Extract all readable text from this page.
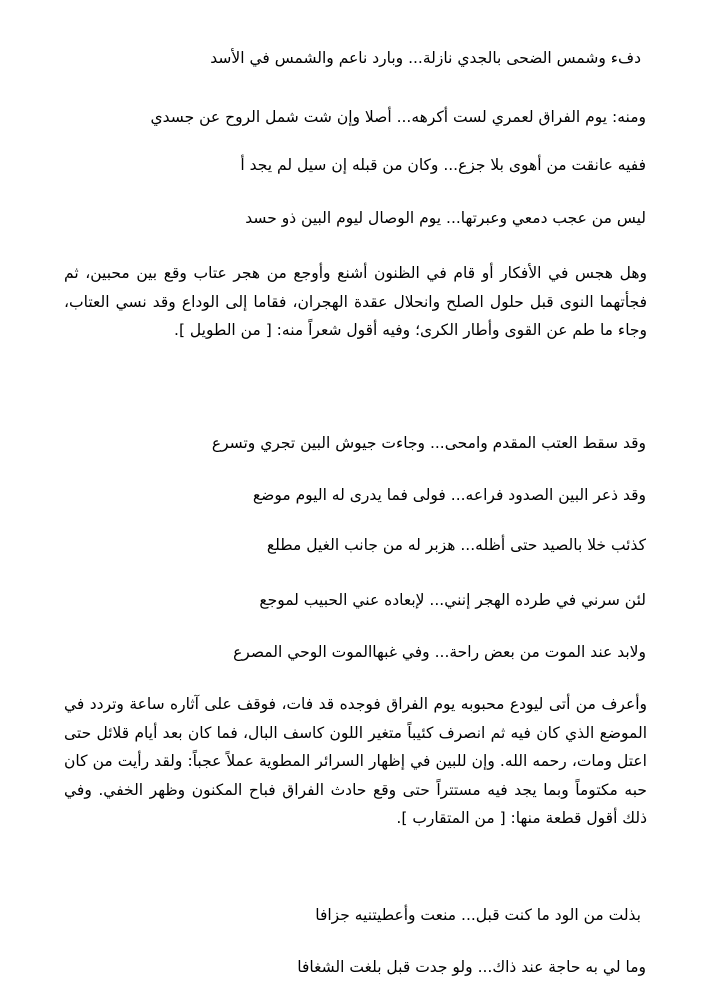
دفء وشمس الضحى بالجدي نازلة... وبارد ناعم والشمس في الأسد
ومنه: يوم الفراق لعمري لست أكرهه... أصلا وإن شت شمل الروح عن جسدي
ففيه عانقت من أهوى بلا جزع... وكان من قبله إن سيل لم يجد أ
ليس من عجب دمعي وعبرتها... يوم الوصال ليوم البين ذو حسد
وهل هجس في الأفكار أو قام في الظنون أشنع وأوجع من هجر عتاب وقع بين محبين، ثم فجأتهما النوى قبل حلول الصلح وانحلال عقدة الهجران، فقاما إلى الوداع وقد نسي العتاب، وجاء ما طم عن القوى وأطار الكرى؛ وفيه أقول شعراً منه: [ من الطويل ].
وقد سقط العتب المقدم وامحى... وجاءت جيوش البين تجري وتسرع
وقد ذعر البين الصدود فراعه... فولى فما يدرى له اليوم موضع
كذئب خلا بالصيد حتى أظله... هزبر له من جانب الغيل مطلع
لئن سرني في طرده الهجر إنني... لإبعاده عني الحبيب لموجع
ولابد عند الموت من بعض راحة... وفي غبهاالموت الوحي المصرع
وأعرف من أتى ليودع محبوبه يوم الفراق فوجده قد فات، فوقف على آثاره ساعة وتردد في الموضع الذي كان فيه ثم انصرف كئيباً متغير اللون كاسف البال، فما كان بعد أيام قلائل حتى اعتل ومات، رحمه الله. وإن للبين في إظهار السرائر المطوية عملاً عجباً: ولقد رأيت من كان حبه مكتوماً وبما يجد فيه مستتراً حتى وقع حادث الفراق فباح المكنون وظهر الخفي. وفي ذلك أقول قطعة منها: [ من المتقارب ].
بذلت من الود ما كنت قبل... منعت وأعطيتنيه جزافا
وما لي به حاجة عند ذاك... ولو جدت قبل بلغت الشغافا
